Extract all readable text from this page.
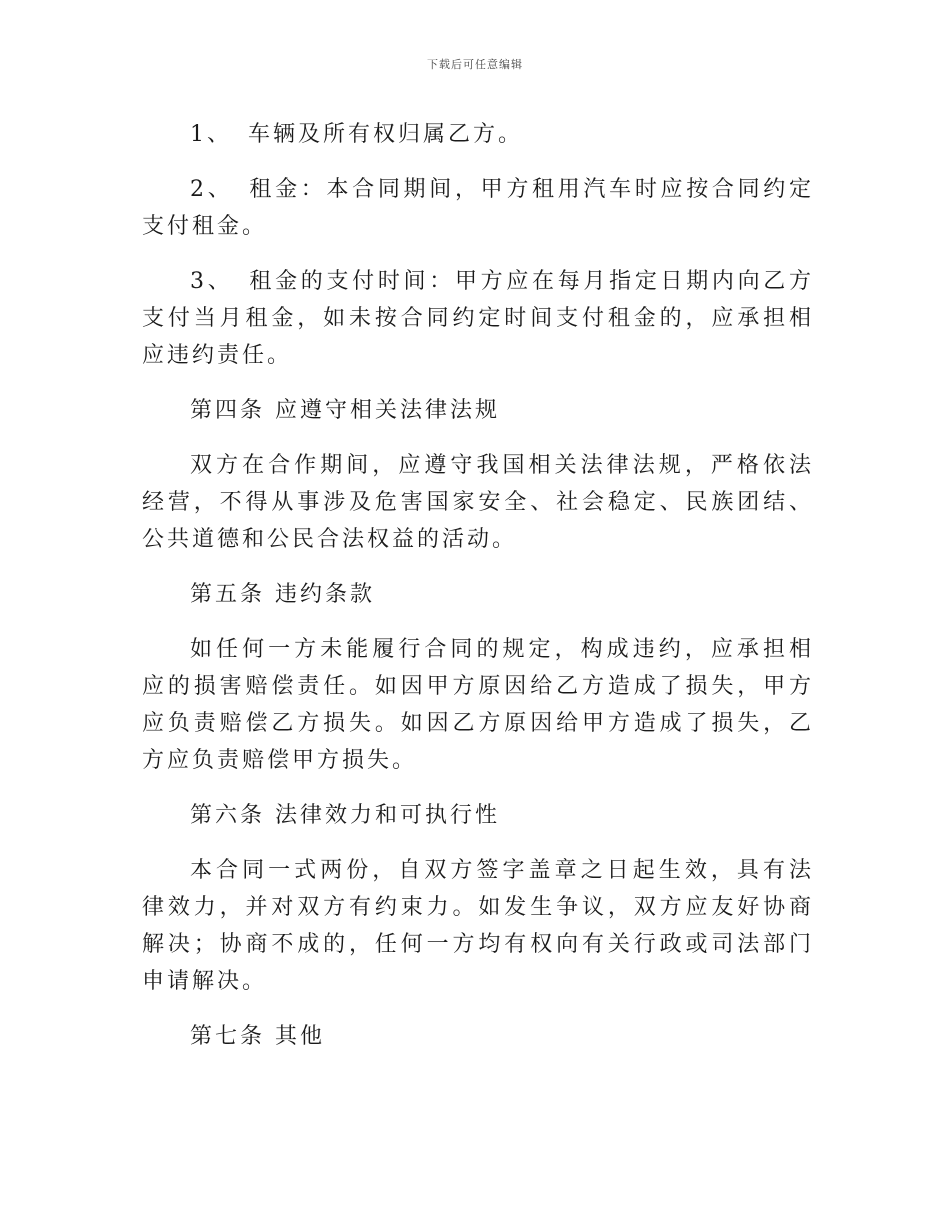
下载后可任意编辑

1、 车辆及所有权归属乙方。

2、 租金：本合同期间，甲方租用汽车时应按合同约定支付租金。

3、 租金的支付时间：甲方应在每月指定日期内向乙方支付当月租金，如未按合同约定时间支付租金的，应承担相应违约责任。

第四条 应遵守相关法律法规

双方在合作期间，应遵守我国相关法律法规，严格依法经营，不得从事涉及危害国家安全、社会稳定、民族团结、公共道德和公民合法权益的活动。

第五条 违约条款

如任何一方未能履行合同的规定，构成违约，应承担相应的损害赔偿责任。如因甲方原因给乙方造成了损失，甲方应负责赔偿乙方损失。如因乙方原因给甲方造成了损失，乙方应负责赔偿甲方损失。

第六条 法律效力和可执行性

本合同一式两份，自双方签字盖章之日起生效，具有法律效力，并对双方有约束力。如发生争议，双方应友好协商解决；协商不成的，任何一方均有权向有关行政或司法部门申请解决。

第七条 其他
